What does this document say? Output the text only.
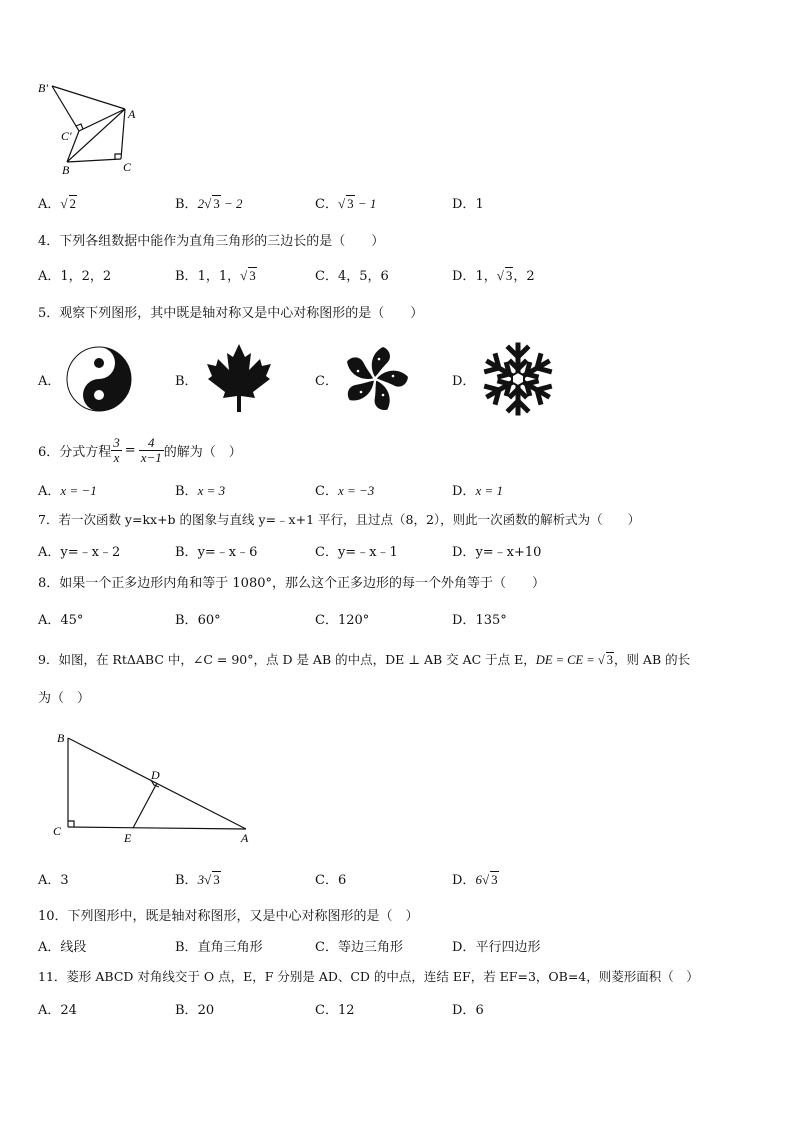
B'
A
C'
B	C
A．√ 2	B．2√ 3 − 2	C．√ 3 − 1	D．1
4．下列各组数据中能作为直角三角形的三边长的是（　　）
A．1，2，2	B．1，1，√ 3	C．4，5，6	D．1，√ 3，2
5．观察下列图形，其中既是轴对称又是中心对称图形的是（　　）
A．	B．	C．	D．
6．分式方程 $\frac{3}{x} = \frac{4}{x-1}$ 的解为（　）
A．x = −1	B．x = 3	C．x = −3	D．x = 1
7．若一次函数 y=kx+b 的图象与直线 y=﹣x+1 平行，且过点（8，2），则此一次函数的解析式为（　　）
A．y=﹣x﹣2	B．y=﹣x﹣6	C．y=﹣x﹣1	D．y=﹣x+10
8．如果一个正多边形内角和等于 1080°，那么这个正多边形的每一个外角等于（　　）
A．45°	B．60°	C．120°	D．135°
9．如图，在 RtΔABC 中，∠C = 90°，点 D 是 AB 的中点，DE ⊥ AB 交 AC 于点 E，DE = CE = √ 3，则 AB 的长
为（　）
B
D
C	E	A
A．3	B．3√ 3	C．6	D．6√ 3
10．下列图形中，既是轴对称图形，又是中心对称图形的是（　）
A．线段	B．直角三角形	C．等边三角形	D．平行四边形
11．菱形 ABCD 对角线交于 O 点，E，F 分别是 AD、CD 的中点，连结 EF，若 EF=3，OB=4，则菱形面积（　）
A．24	B．20	C．12	D．6
